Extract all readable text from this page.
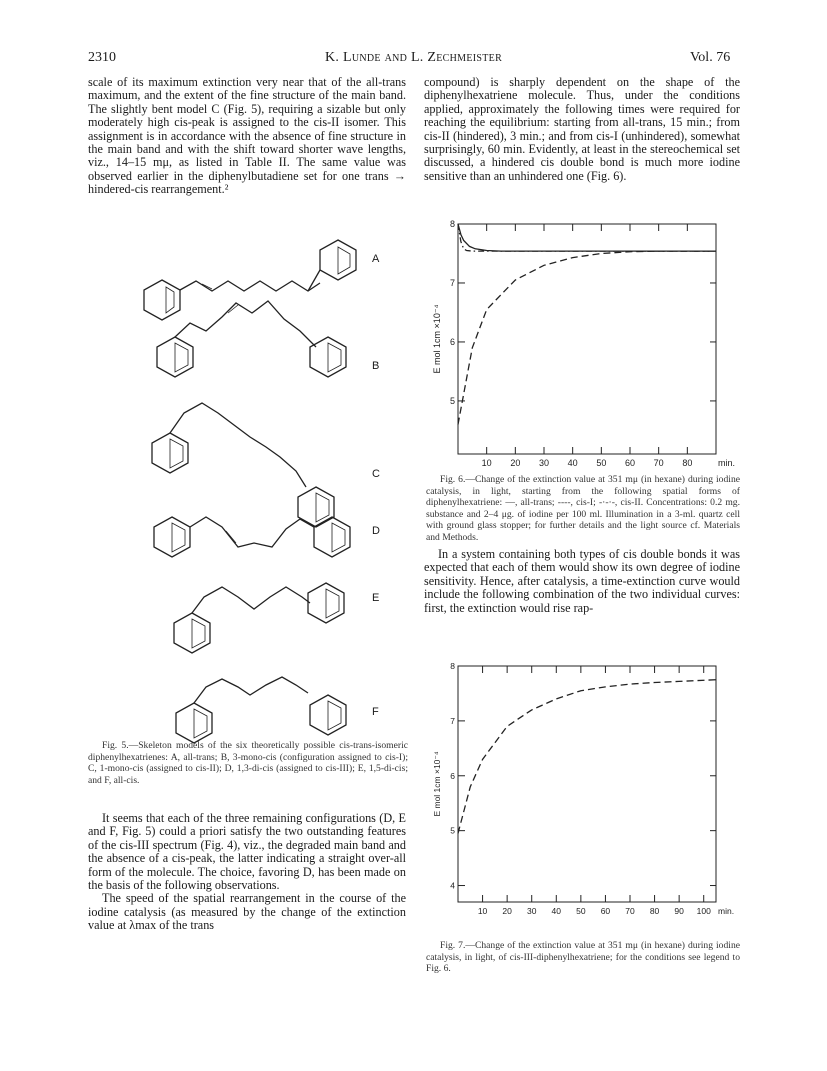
2310	K. Lunde and L. Zechmeister	Vol. 76

scale of its maximum extinction very near that of the all-trans maximum, and the extent of the fine structure of the main band. The slightly bent model C (Fig. 5), requiring a sizable but only moderately high cis-peak is assigned to the cis-II isomer. This assignment is in accordance with the absence of fine structure in the main band and with the shift toward shorter wave lengths, viz., 14–15 mμ, as listed in Table II. The same value was observed earlier in the diphenylbutadiene set for one trans → hindered-cis rearrangement.²

compound) is sharply dependent on the shape of the diphenylhexatriene molecule. Thus, under the conditions applied, approximately the following times were required for reaching the equilibrium: starting from all-trans, 15 min.; from cis-II (hindered), 3 min.; and from cis-I (unhindered), somewhat surprisingly, 60 min. Evidently, at least in the stereochemical set discussed, a hindered cis double bond is much more iodine sensitive than an unhindered one (Fig. 6).

A
B
C
D
E
F

Fig. 5.—Skeleton models of the six theoretically possible cis-trans-isomeric diphenylhexatrienes: A, all-trans; B, 3-mono-cis (configuration assigned to cis-I); C, 1-mono-cis (assigned to cis-II); D, 1,3-di-cis (assigned to cis-III); E, 1,5-di-cis; and F, all-cis.

It seems that each of the three remaining configurations (D, E and F, Fig. 5) could a priori satisfy the two outstanding features of the cis-III spectrum (Fig. 4), viz., the degraded main band and the absence of a cis-peak, the latter indicating a straight over-all form of the molecule. The choice, favoring D, has been made on the basis of the following observations.

The speed of the spatial rearrangement in the course of the iodine catalysis (as measured by the change of the extinction value at λmax of the trans

10 20 30 40 50 60 70 80
5
6
7
8
min.
E mol 1cm ×10⁻⁴

Fig. 6.—Change of the extinction value at 351 mμ (in hexane) during iodine catalysis, in light, starting from the following spatial forms of diphenylhexatriene: —, all-trans; ----, cis-I; -·-·-, cis-II. Concentrations: 0.2 mg. substance and 2–4 μg. of iodine per 100 ml. Illumination in a 3-ml. quartz cell with ground glass stopper; for further details and the light source cf. Materials and Methods.

In a system containing both types of cis double bonds it was expected that each of them would show its own degree of iodine sensitivity. Hence, after catalysis, a time-extinction curve would include the following combination of the two individual curves: first, the extinction would rise rap-

10 20 30 40 50 60 70 80 90 100
4
5
6
7
8
min.
E mol 1cm ×10⁻⁴

Fig. 7.—Change of the extinction value at 351 mμ (in hexane) during iodine catalysis, in light, of cis-III-diphenylhexatriene; for the conditions see legend to Fig. 6.
